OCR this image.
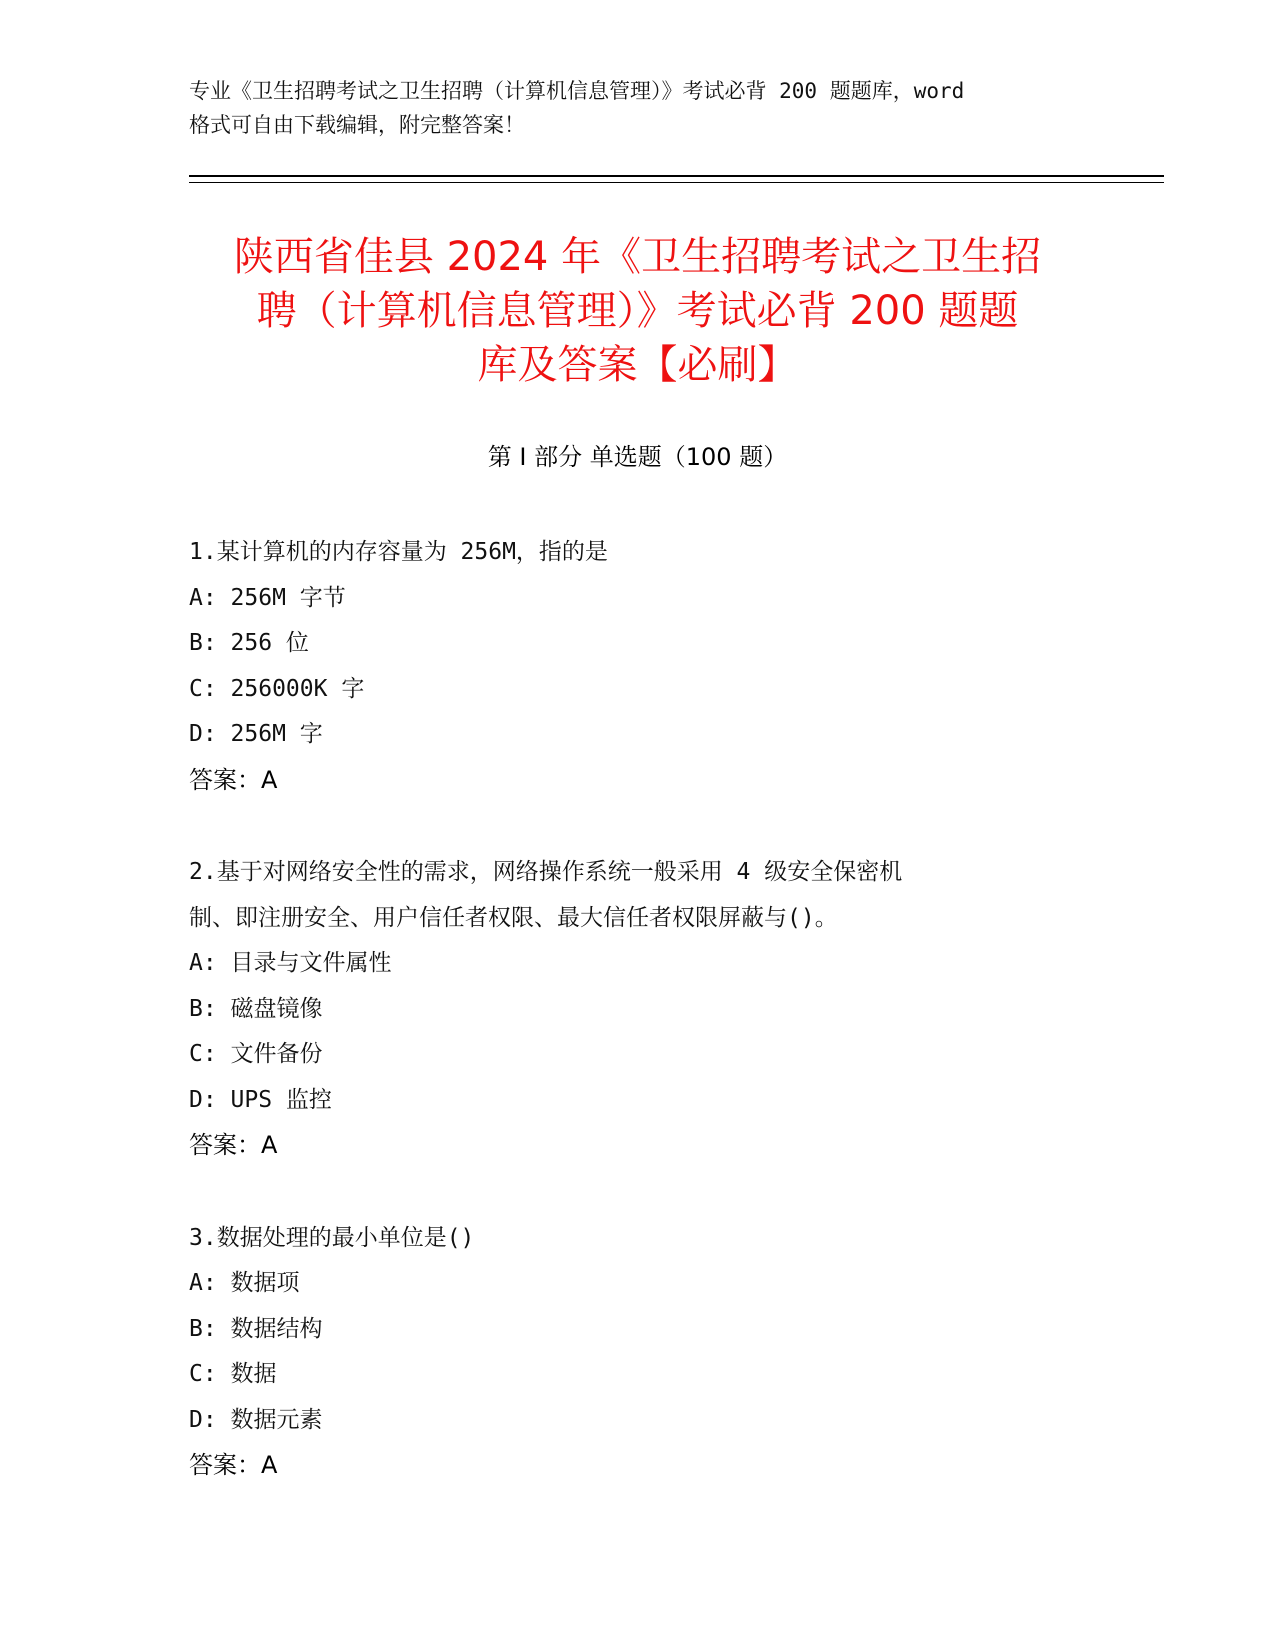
专业《卫生招聘考试之卫生招聘（计算机信息管理）》考试必背 200 题题库，word
格式可自由下载编辑，附完整答案！
陕西省佳县 2024 年《卫生招聘考试之卫生招
聘（计算机信息管理）》考试必背 200 题题
库及答案【必刷】
第 I 部分 单选题（100 题）

1.某计算机的内存容量为 256M，指的是

A: 256M 字节

B: 256 位

C: 256000K 字

D: 256M 字

答案：A

2.基于对网络安全性的需求，网络操作系统一般采用 4 级安全保密机

制、即注册安全、用户信任者权限、最大信任者权限屏蔽与()。

A: 目录与文件属性

B: 磁盘镜像

C: 文件备份

D: UPS 监控

答案：A

3.数据处理的最小单位是()

A: 数据项

B: 数据结构

C: 数据

D: 数据元素

答案：A
